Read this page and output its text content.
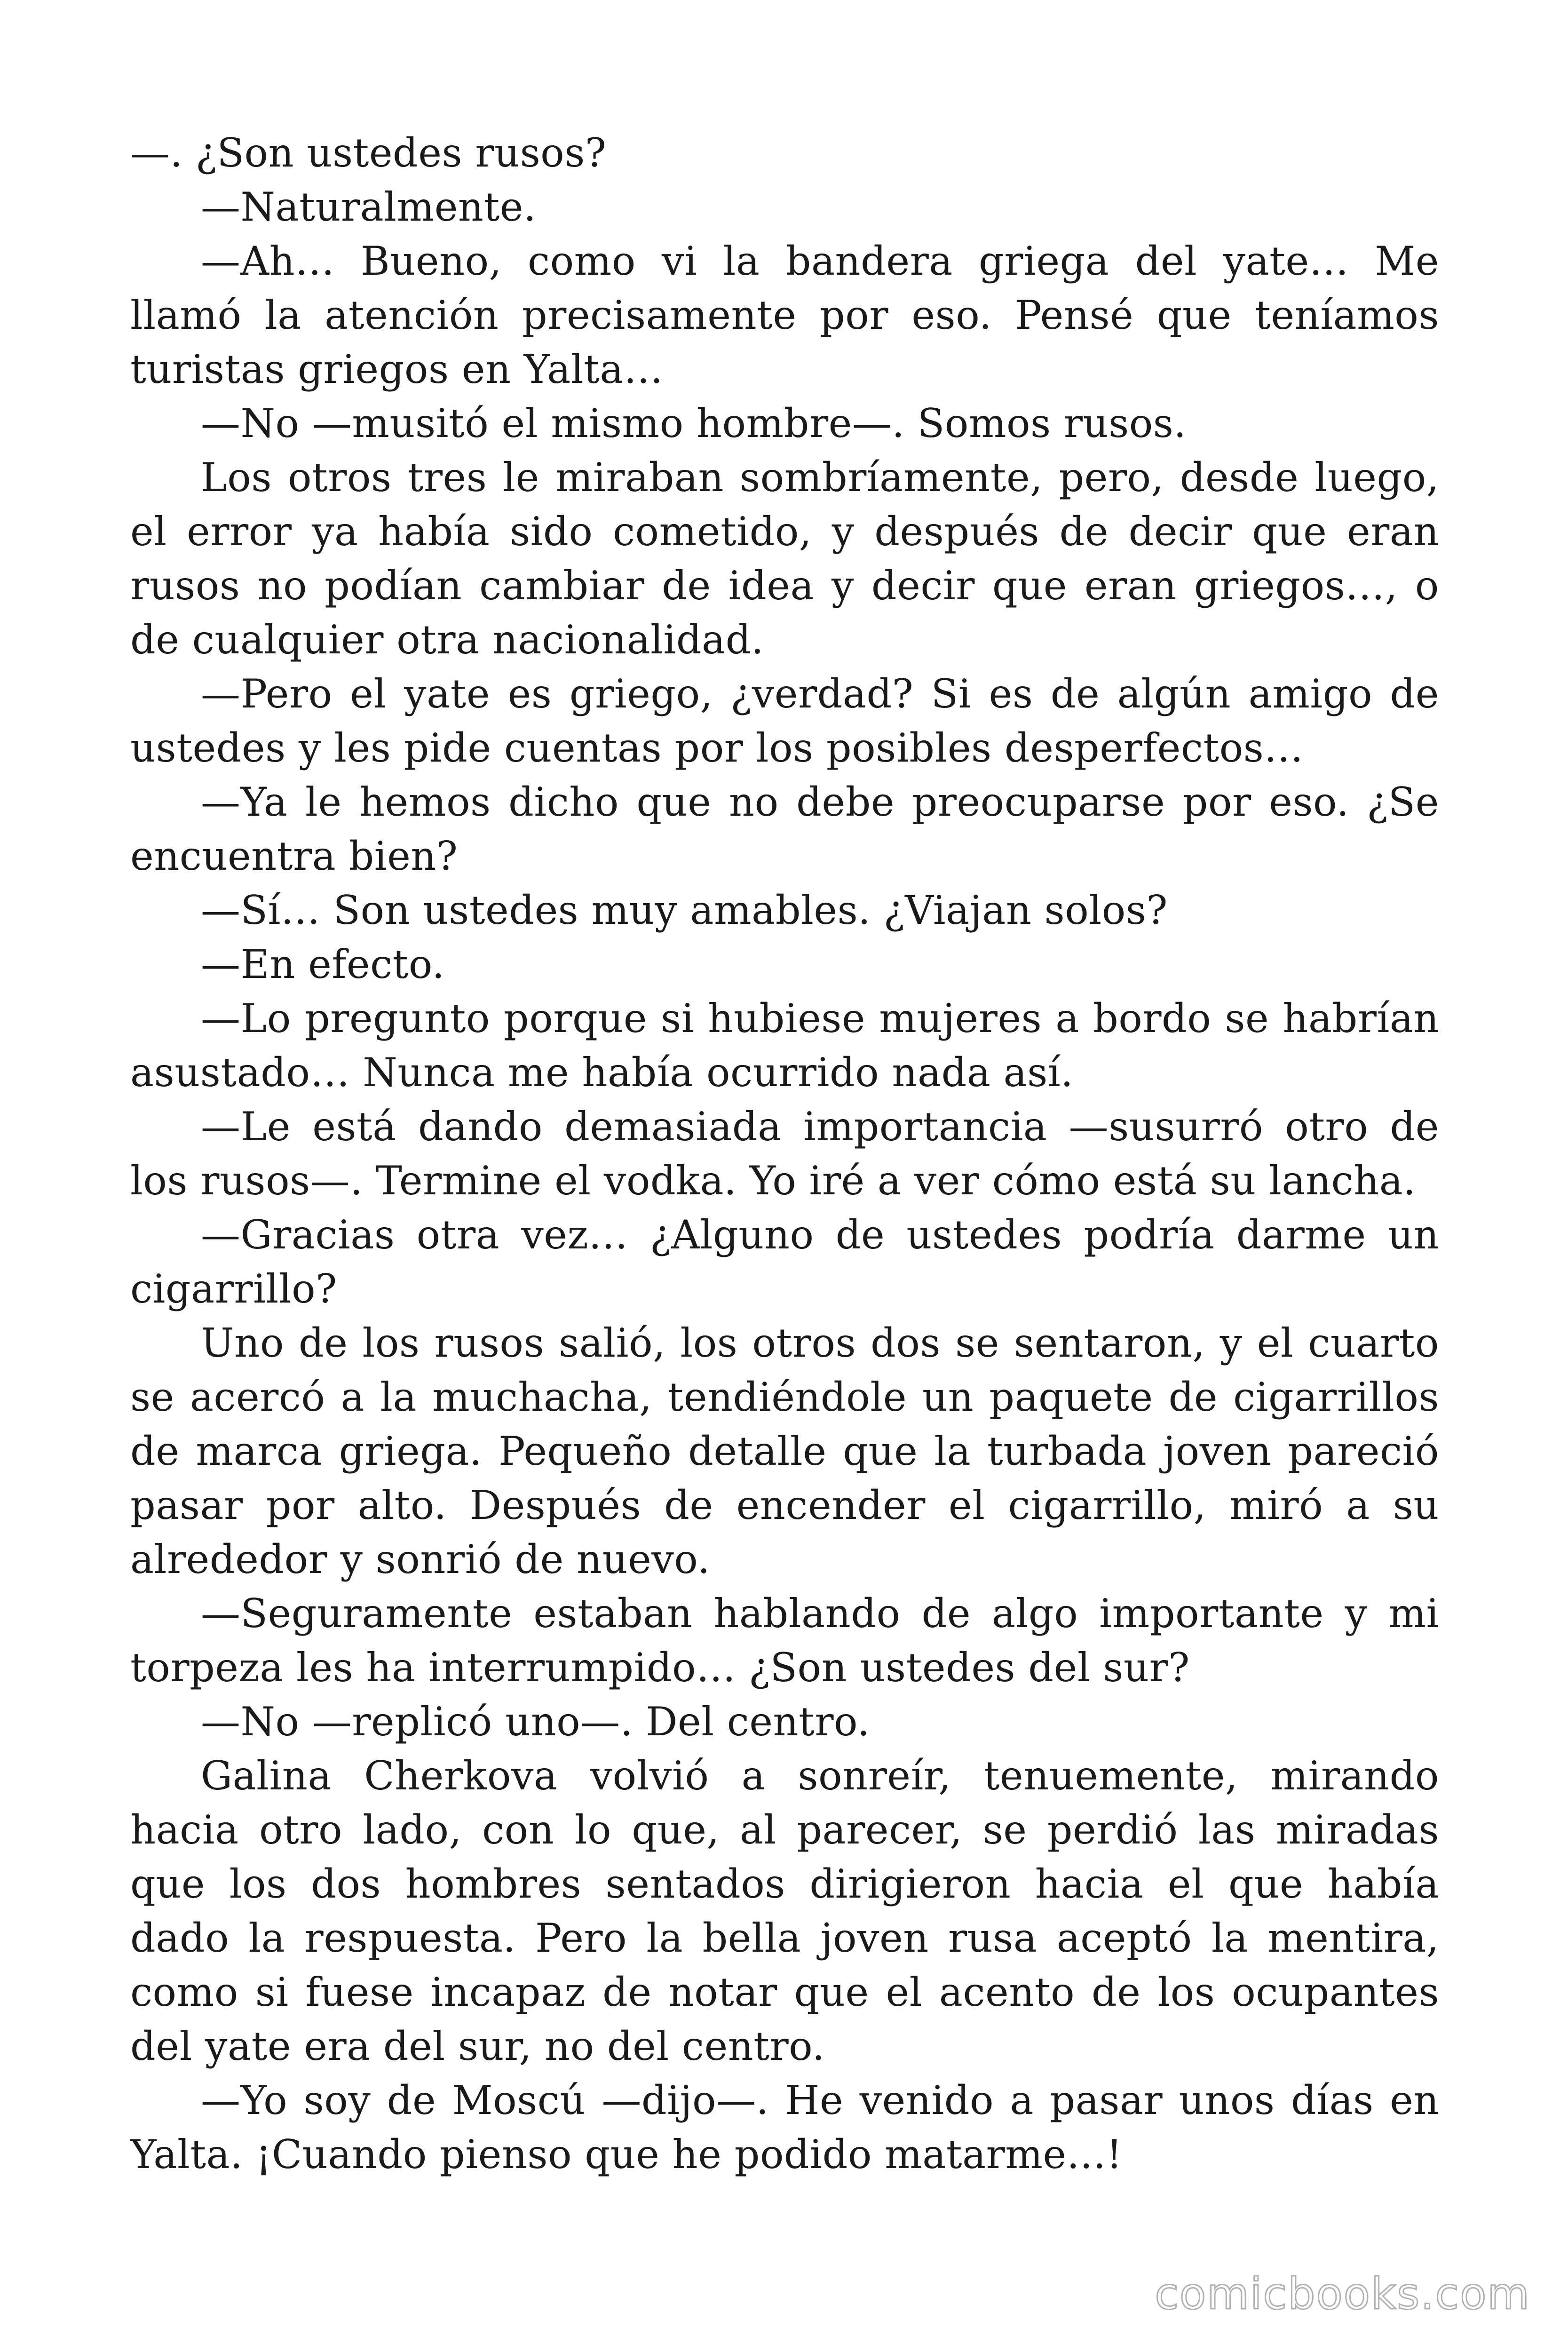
—. ¿Son ustedes rusos?

—Naturalmente.

—Ah… Bueno, como vi la bandera griega del yate… Me llamó la atención precisamente por eso. Pensé que teníamos turistas griegos en Yalta…

—No —musitó el mismo hombre—. Somos rusos.

Los otros tres le miraban sombríamente, pero, desde luego, el error ya había sido cometido, y después de decir que eran rusos no podían cambiar de idea y decir que eran griegos…, o de cualquier otra nacionalidad.

—Pero el yate es griego, ¿verdad? Si es de algún amigo de ustedes y les pide cuentas por los posibles desperfectos…

—Ya le hemos dicho que no debe preocuparse por eso. ¿Se encuentra bien?

—Sí… Son ustedes muy amables. ¿Viajan solos?

—En efecto.

—Lo pregunto porque si hubiese mujeres a bordo se habrían asustado… Nunca me había ocurrido nada así.

—Le está dando demasiada importancia —susurró otro de los rusos—. Termine el vodka. Yo iré a ver cómo está su lancha.

—Gracias otra vez… ¿Alguno de ustedes podría darme un cigarrillo?

Uno de los rusos salió, los otros dos se sentaron, y el cuarto se acercó a la muchacha, tendiéndole un paquete de cigarrillos de marca griega. Pequeño detalle que la turbada joven pareció pasar por alto. Después de encender el cigarrillo, miró a su alrededor y sonrió de nuevo.

—Seguramente estaban hablando de algo importante y mi torpeza les ha interrumpido… ¿Son ustedes del sur?

—No —replicó uno—. Del centro.

Galina Cherkova volvió a sonreír, tenuemente, mirando hacia otro lado, con lo que, al parecer, se perdió las miradas que los dos hombres sentados dirigieron hacia el que había dado la respuesta. Pero la bella joven rusa aceptó la mentira, como si fuese incapaz de notar que el acento de los ocupantes del yate era del sur, no del centro.

—Yo soy de Moscú —dijo—. He venido a pasar unos días en Yalta. ¡Cuando pienso que he podido matarme…!

comicbooks.com
